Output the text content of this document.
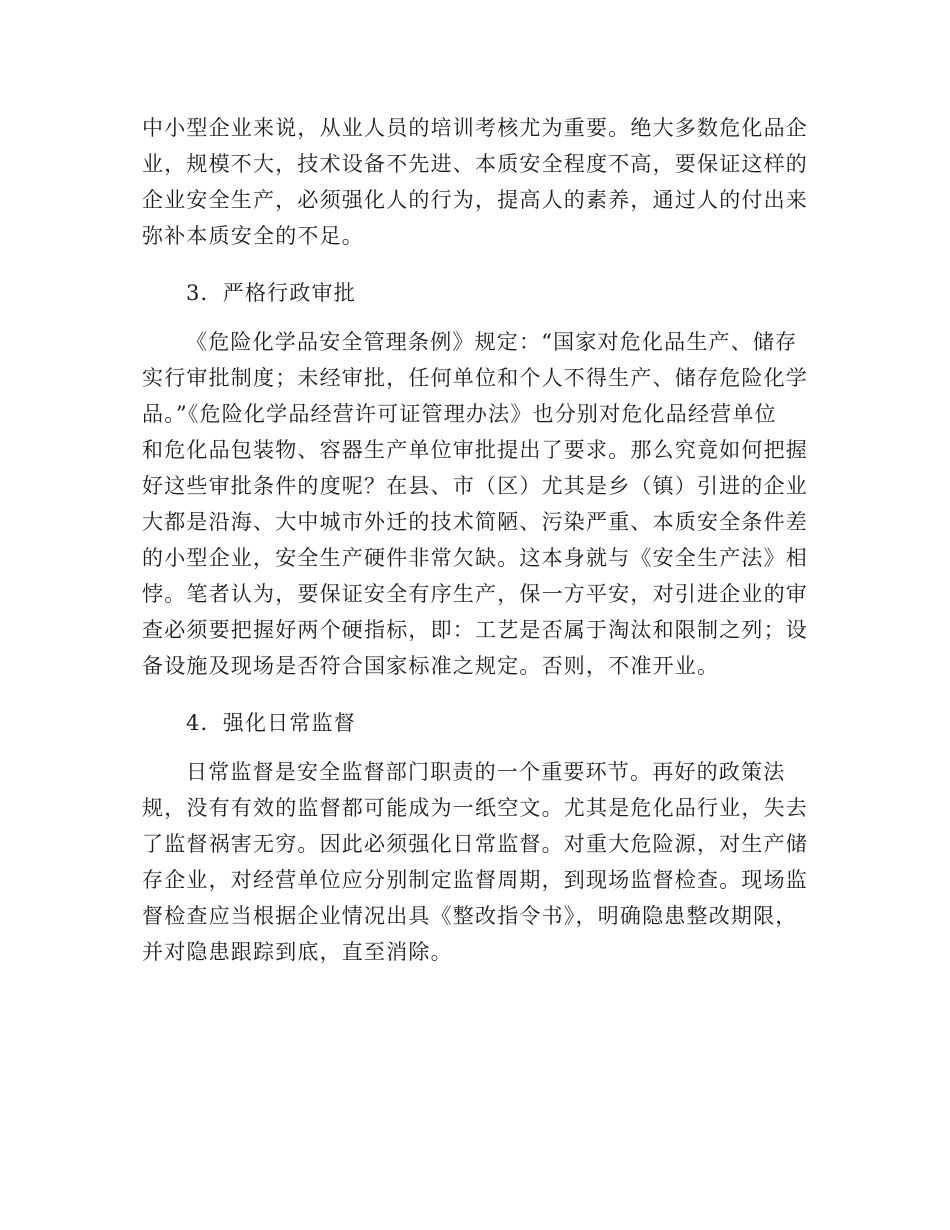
中小型企业来说，从业人员的培训考核尤为重要。绝大多数危化品企
业，规模不大，技术设备不先进、本质安全程度不高，要保证这样的
企业安全生产，必须强化人的行为，提高人的素养，通过人的付出来
弥补本质安全的不足。
3．严格行政审批
《危险化学品安全管理条例》规定：“国家对危化品生产、储存
实行审批制度；未经审批，任何单位和个人不得生产、储存危险化学
品。”《危险化学品经营许可证管理办法》也分别对危化品经营单位
和危化品包装物、容器生产单位审批提出了要求。那么究竟如何把握
好这些审批条件的度呢？在县、市（区）尤其是乡（镇）引进的企业
大都是沿海、大中城市外迁的技术简陋、污染严重、本质安全条件差
的小型企业，安全生产硬件非常欠缺。这本身就与《安全生产法》相
悖。笔者认为，要保证安全有序生产，保一方平安，对引进企业的审
查必须要把握好两个硬指标，即：工艺是否属于淘汰和限制之列；设
备设施及现场是否符合国家标准之规定。否则，不准开业。
4．强化日常监督
日常监督是安全监督部门职责的一个重要环节。再好的政策法
规，没有有效的监督都可能成为一纸空文。尤其是危化品行业，失去
了监督祸害无穷。因此必须强化日常监督。对重大危险源，对生产储
存企业，对经营单位应分别制定监督周期，到现场监督检查。现场监
督检查应当根据企业情况出具《整改指令书》，明确隐患整改期限，
并对隐患跟踪到底，直至消除。
